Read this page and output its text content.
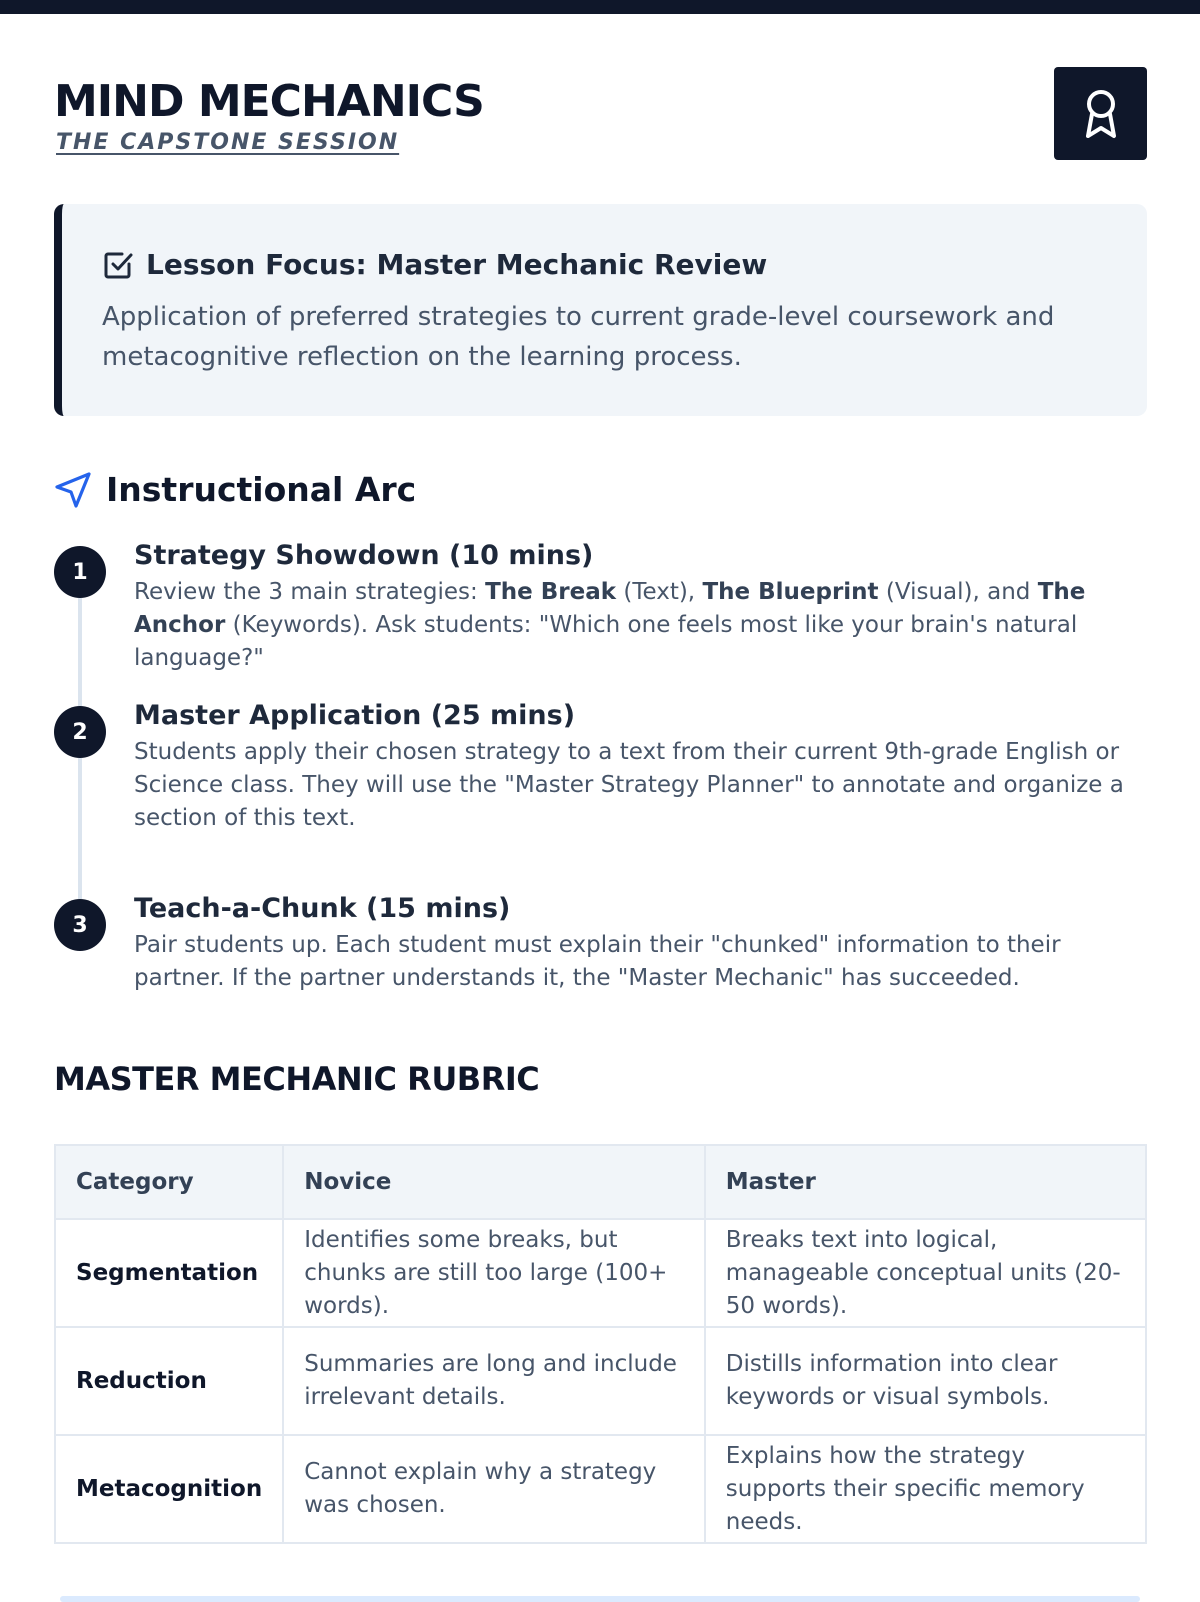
MIND MECHANICS
THE CAPSTONE SESSION
Lesson Focus: Master Mechanic Review
Application of preferred strategies to current grade-level coursework and metacognitive reflection on the learning process.
Instructional Arc
1
Strategy Showdown (10 mins)
Review the 3 main strategies: The Break (Text), The Blueprint (Visual), and The Anchor (Keywords). Ask students: "Which one feels most like your brain's natural language?"
2
Master Application (25 mins)
Students apply their chosen strategy to a text from their current 9th-grade English or Science class. They will use the "Master Strategy Planner" to annotate and organize a section of this text.
3
Teach-a-Chunk (15 mins)
Pair students up. Each student must explain their "chunked" information to their partner. If the partner understands it, the "Master Mechanic" has succeeded.
MASTER MECHANIC RUBRIC
Category	Novice	Master
Segmentation	Identifies some breaks, but chunks are still too large (100+ words).	Breaks text into logical, manageable conceptual units (20-50 words).
Reduction	Summaries are long and include irrelevant details.	Distills information into clear keywords or visual symbols.
Metacognition	Cannot explain why a strategy was chosen.	Explains how the strategy supports their specific memory needs.
